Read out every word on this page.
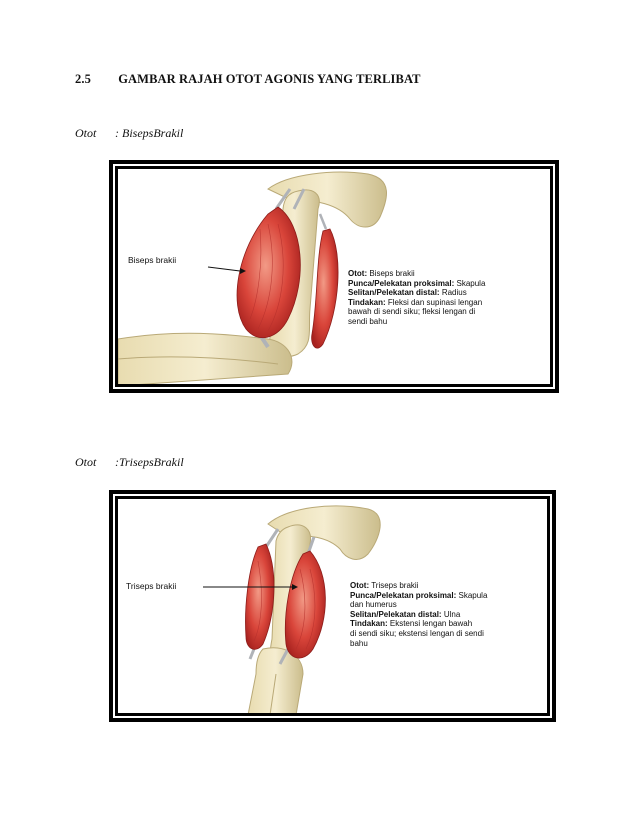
2.5 GAMBAR RAJAH OTOT AGONIS YANG TERLIBAT
Otot : BisepsBrakil
Biseps brakii
Otot: Biseps brakii
Punca/Pelekatan proksimal: Skapula
Selitan/Pelekatan distal: Radius
Tindakan: Fleksi dan supinasi lengan
bawah di sendi siku; fleksi lengan di
sendi bahu
Otot :TrisepsBrakil
Triseps brakii	Otot: Triseps brakii
Punca/Pelekatan proksimal: Skapula
dan humerus
Selitan/Pelekatan distal: Ulna
Tindakan: Ekstensi lengan bawah
di sendi siku; ekstensi lengan di sendi
bahu
